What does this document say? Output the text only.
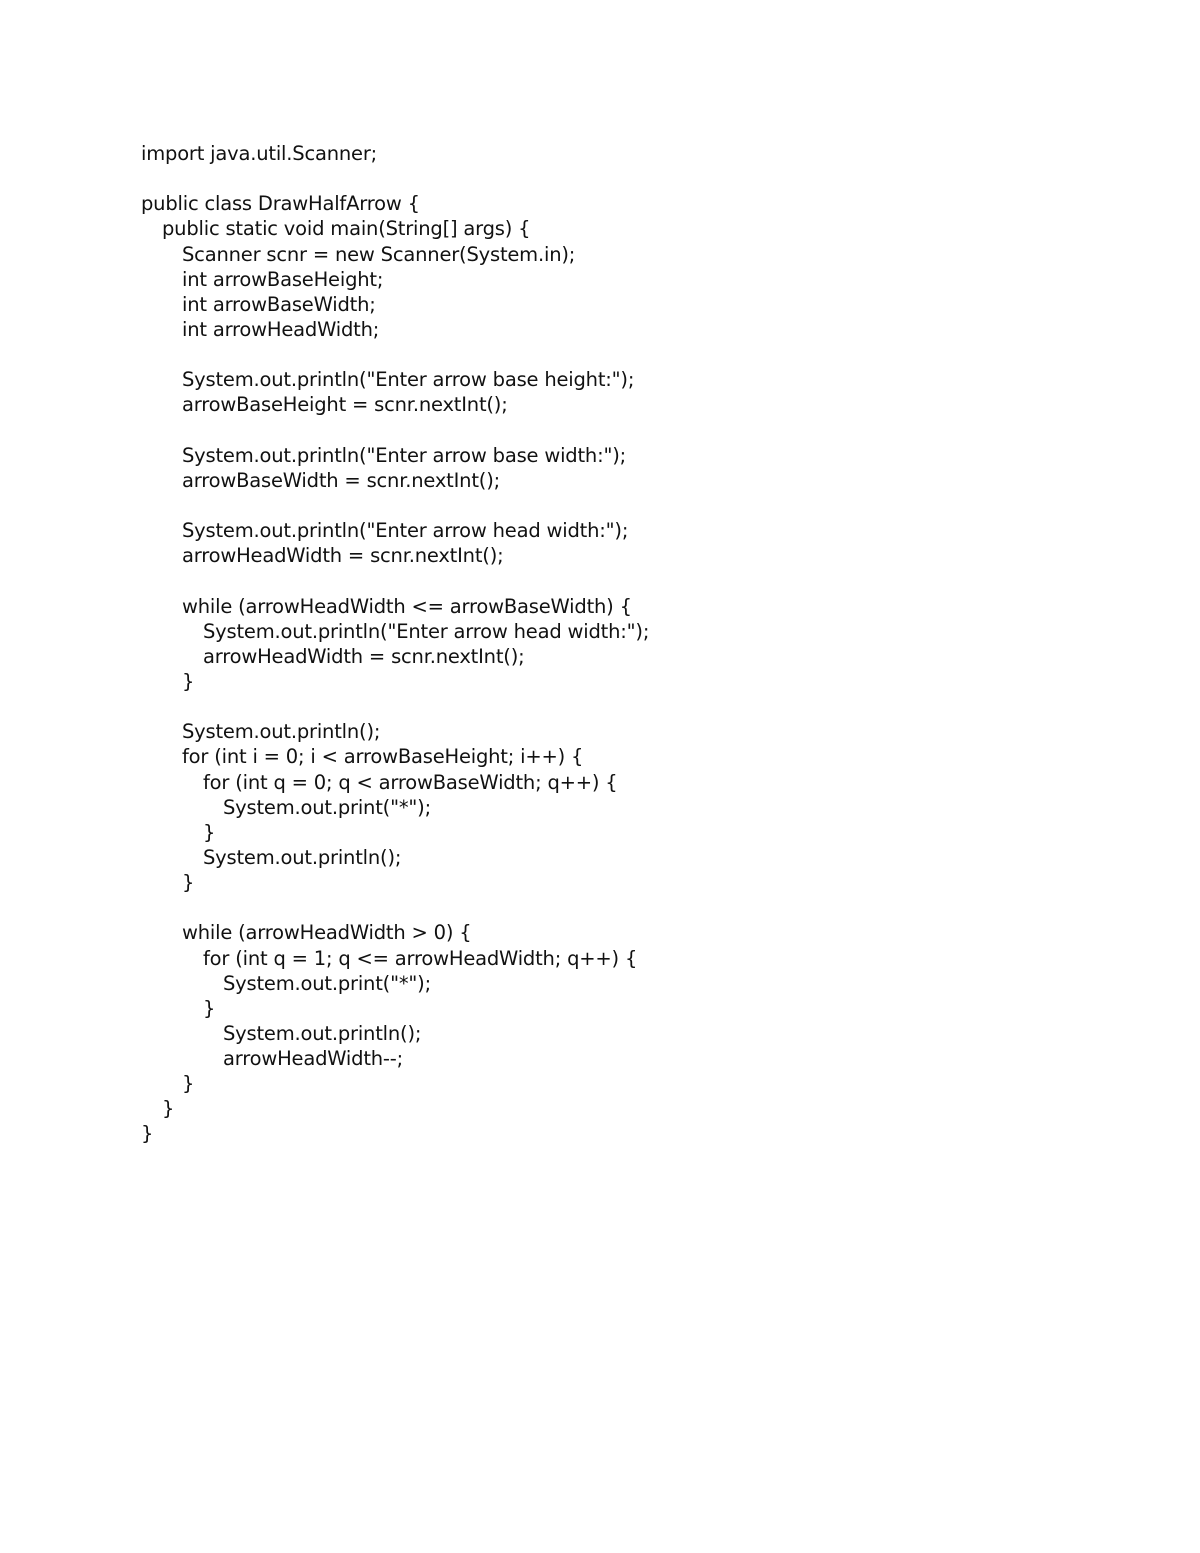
import java.util.Scanner;
public class DrawHalfArrow {
public static void main(String[] args) {
Scanner scnr = new Scanner(System.in);
int arrowBaseHeight;
int arrowBaseWidth;
int arrowHeadWidth;
System.out.println("Enter arrow base height:");
arrowBaseHeight = scnr.nextInt();
System.out.println("Enter arrow base width:");
arrowBaseWidth = scnr.nextInt();
System.out.println("Enter arrow head width:");
arrowHeadWidth = scnr.nextInt();
while (arrowHeadWidth <= arrowBaseWidth) {
System.out.println("Enter arrow head width:");
arrowHeadWidth = scnr.nextInt();
}
System.out.println();
for (int i = 0; i < arrowBaseHeight; i++) {
for (int q = 0; q < arrowBaseWidth; q++) {
System.out.print("*");
}
System.out.println();
}
while (arrowHeadWidth > 0) {
for (int q = 1; q <= arrowHeadWidth; q++) {
System.out.print("*");
}
System.out.println();
arrowHeadWidth--;
}
}
}
